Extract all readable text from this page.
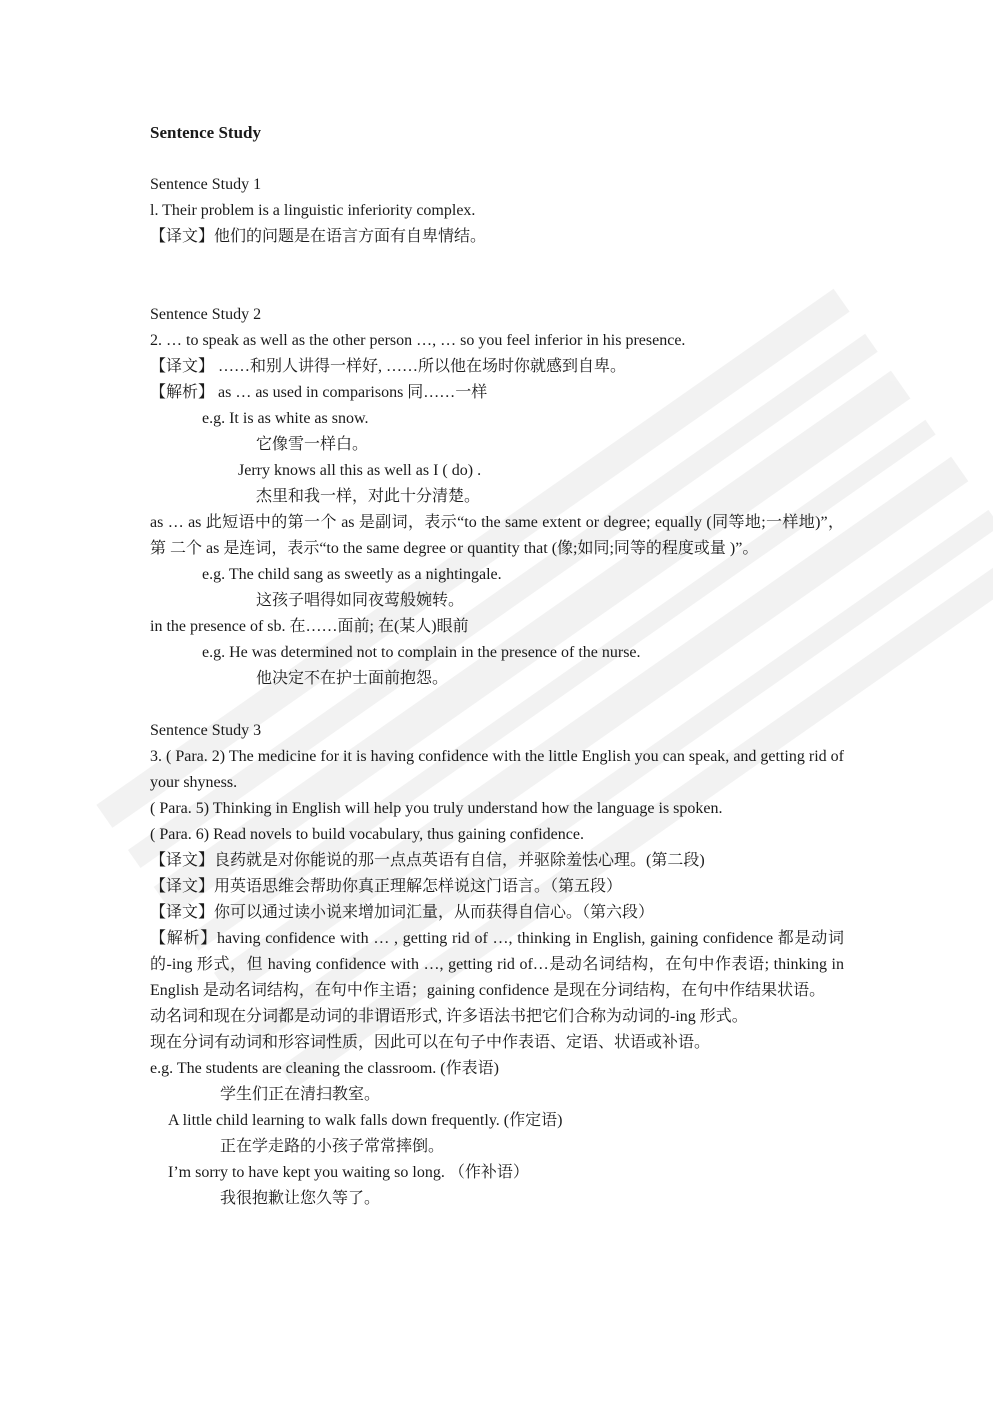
Sentence Study
Sentence Study 1
l. Their problem is a linguistic inferiority complex.
【译文】他们的问题是在语言方面有自卑情结。
Sentence Study 2
2. … to speak as well as the other person …, … so you feel inferior in his presence.
【译文】 ……和别人讲得一样好, ……所以他在场时你就感到自卑。
【解析】 as … as used in comparisons 同……一样
e.g. It is as white as snow.
它像雪一样白。
Jerry knows all this as well as I ( do) .
杰里和我一样，对此十分清楚。
as … as 此短语中的第一个 as 是副词，表示“to the same extent or degree; equally (同等地;一样地)”，第 二个 as 是连词，表示“to the same degree or quantity that (像;如同;同等的程度或量 )”。
e.g. The child sang as sweetly as a nightingale.
这孩子唱得如同夜莺般婉转。
in the presence of sb. 在……面前; 在(某人)眼前
e.g. He was determined not to complain in the presence of the nurse.
他决定不在护士面前抱怨。
Sentence Study 3
3. ( Para. 2) The medicine for it is having confidence with the little English you can speak, and getting rid of your shyness.
( Para. 5) Thinking in English will help you truly understand how the language is spoken.
( Para. 6) Read novels to build vocabulary, thus gaining confidence.
【译文】良药就是对你能说的那一点点英语有自信，并驱除羞怯心理。(第二段)
【译文】用英语思维会帮助你真正理解怎样说这门语言。（第五段）
【译文】你可以通过读小说来增加词汇量，从而获得自信心。（第六段）
【解析】having confidence with … , getting rid of …, thinking in English, gaining confidence 都是动词的-ing 形式，但 having confidence with …, getting rid of…是动名词结构，在句中作表语; thinking in English 是动名词结构，在句中作主语；gaining confidence 是现在分词结构，在句中作结果状语。
动名词和现在分词都是动词的非谓语形式, 许多语法书把它们合称为动词的-ing 形式。
现在分词有动词和形容词性质，因此可以在句子中作表语、定语、状语或补语。
e.g. The students are cleaning the classroom. (作表语)
学生们正在清扫教室。
A little child learning to walk falls down frequently. (作定语)
正在学走路的小孩子常常摔倒。
I’m sorry to have kept you waiting so long. （作补语）
我很抱歉让您久等了。
